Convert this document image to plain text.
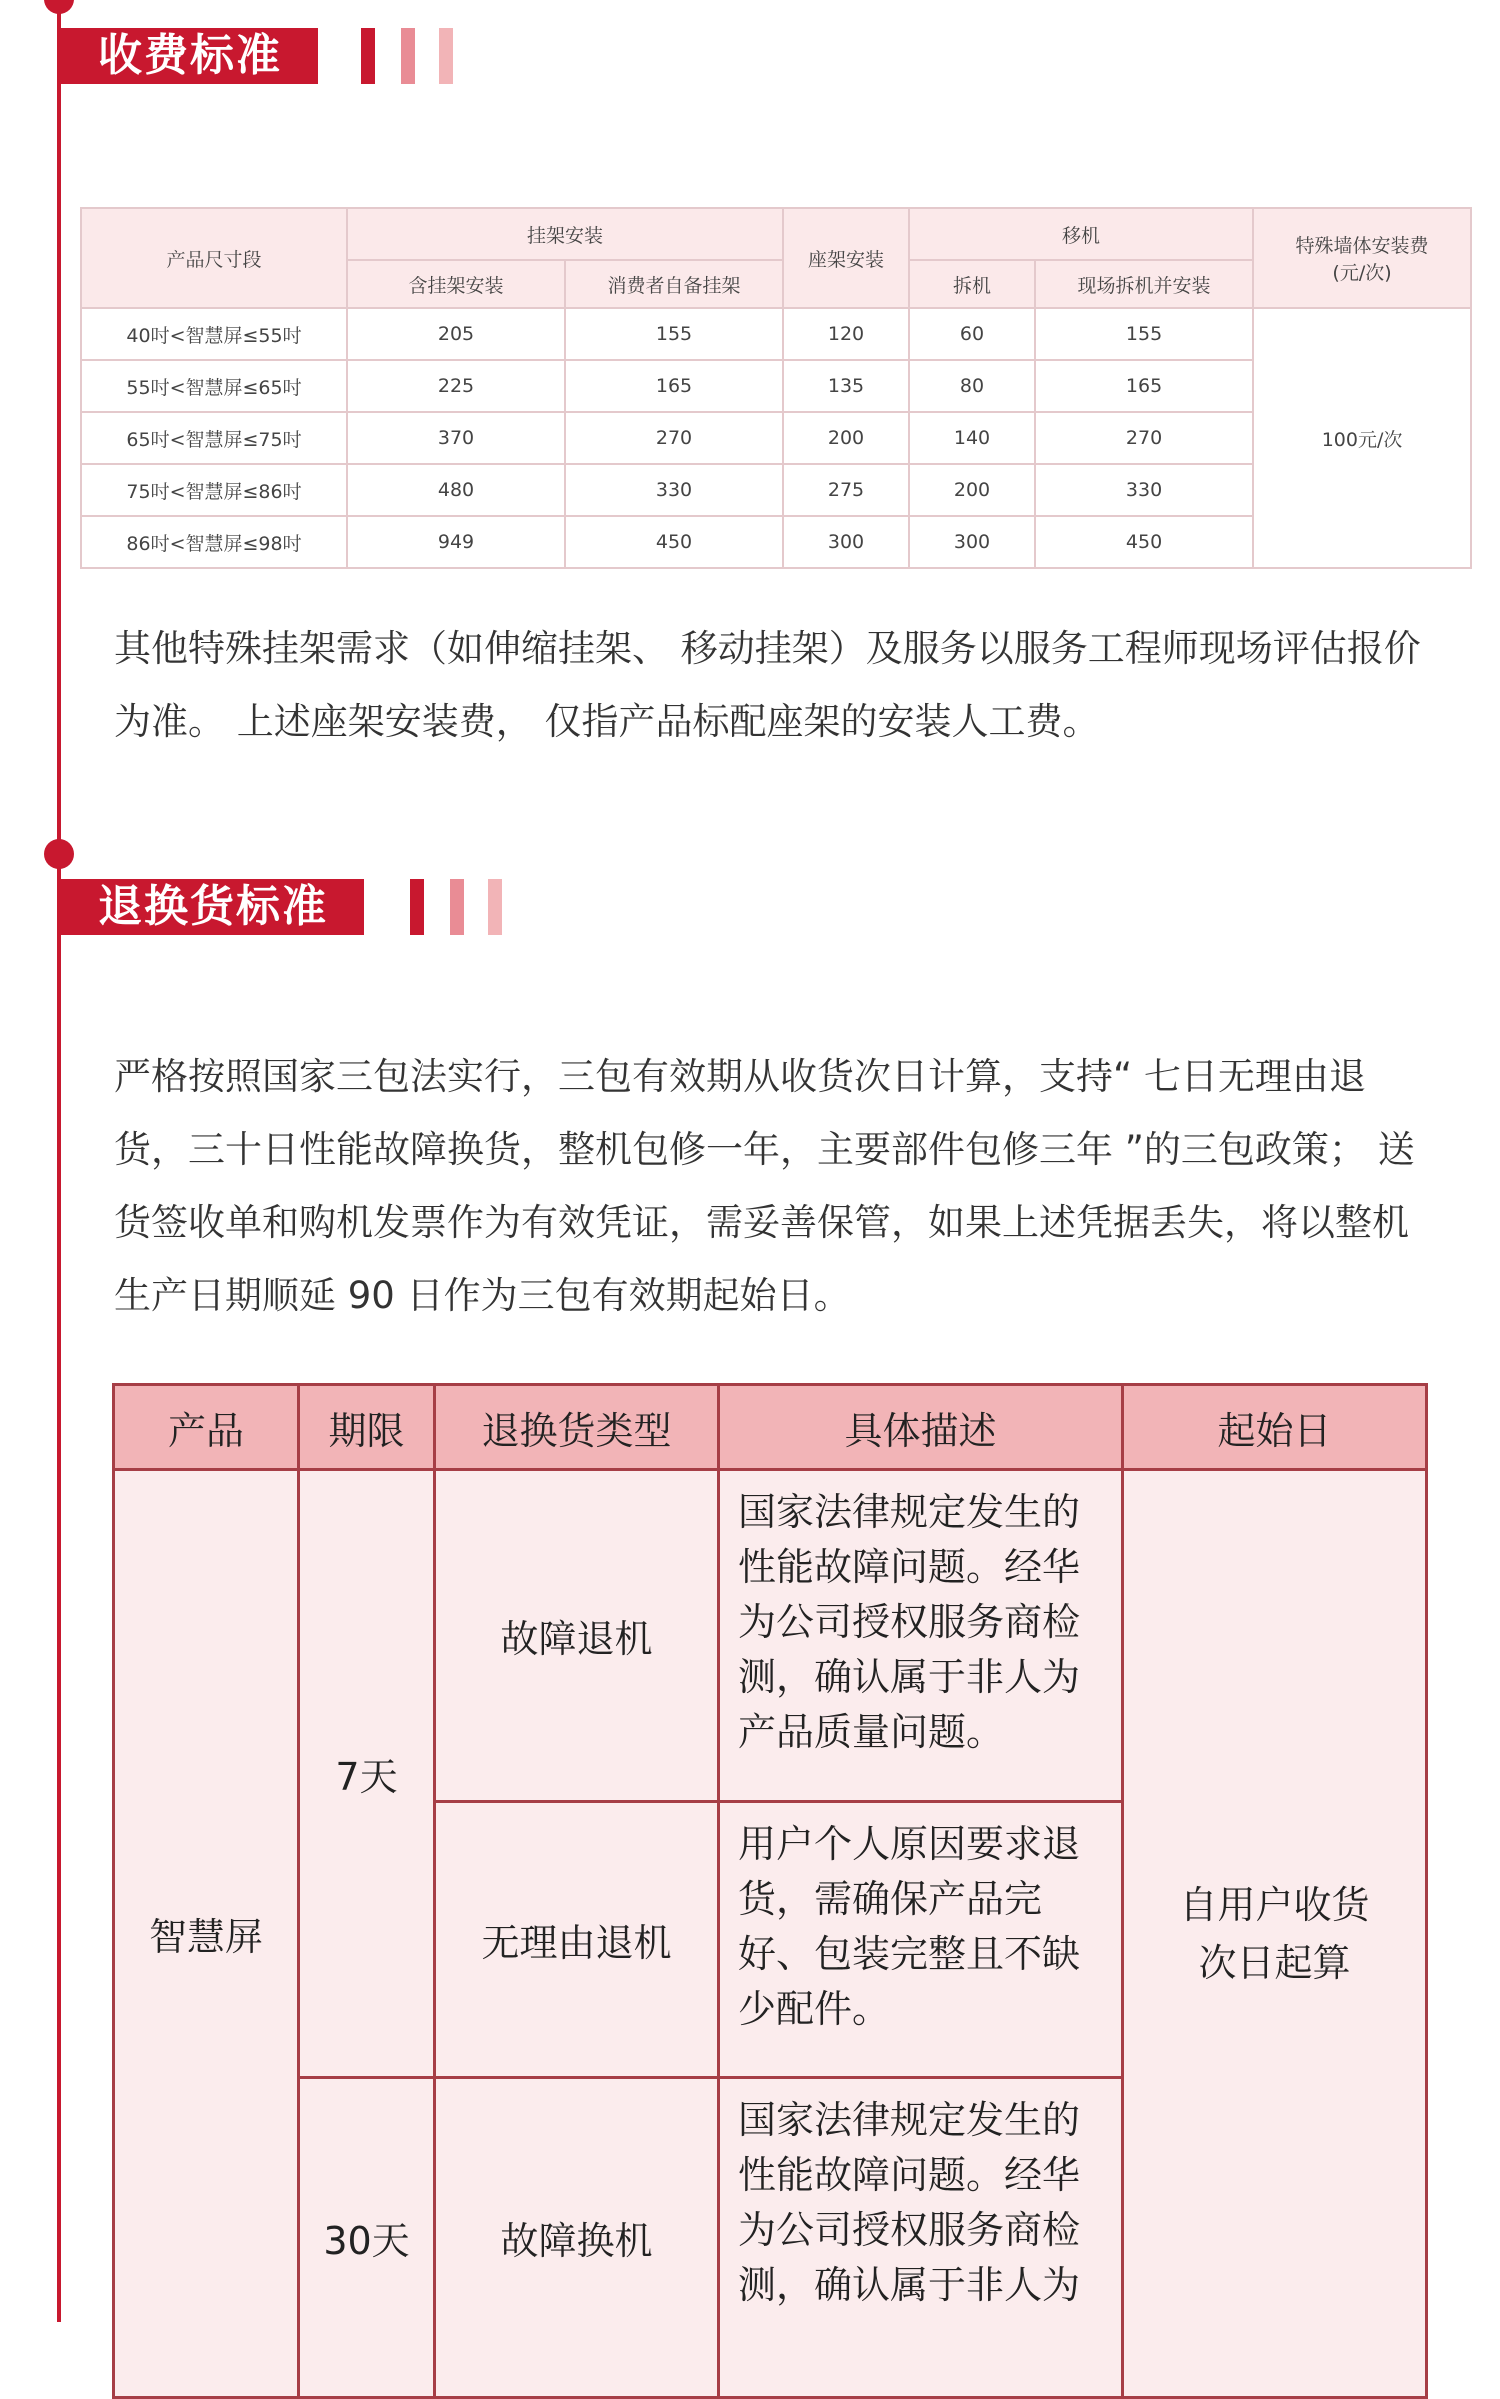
收费标准
产品尺寸段	挂架安装		座架安装	移机		特殊墙体安装费
(元/次)

	含挂架安装	消费者自备挂架		拆机	现场拆机并安装	
40吋<智慧屏≤55吋	205	155	120	60	155	100元/次
55吋<智慧屏≤65吋	225	165	135	80	165	
65吋<智慧屏≤75吋	370	270	200	140	270	
75吋<智慧屏≤86吋	480	330	275	200	330	
86吋<智慧屏≤98吋	949	450	300	300	450	
其他特殊挂架需求（如伸缩挂架、 移动挂架）及服务以服务工程师现场评估报价为准。 上述座架安装费， 仅指产品标配座架的安装人工费。
退换货标准
严格按照国家三包法实行，三包有效期从收货次日计算，支持“ 七日无理由退货，三十日性能故障换货，整机包修一年，主要部件包修三年 ”的三包政策； 送货签收单和购机发票作为有效凭证，需妥善保管，如果上述凭据丢失，将以整机生产日期顺延 90 日作为三包有效期起始日。
产品	期限	退换货类型	具体描述	起始日
智慧屏	7天	故障退机	国家法律规定发生的性能故障问题。经华为公司授权服务商检测，确认属于非人为产品质量问题。	自用户收货次日起算

		无理由退机	用户个人原因要求退货，需确保产品完好、包装完整且不缺少配件。	
	30天	故障换机	国家法律规定发生的性能故障问题。经华为公司授权服务商检测，确认属于非人为	
